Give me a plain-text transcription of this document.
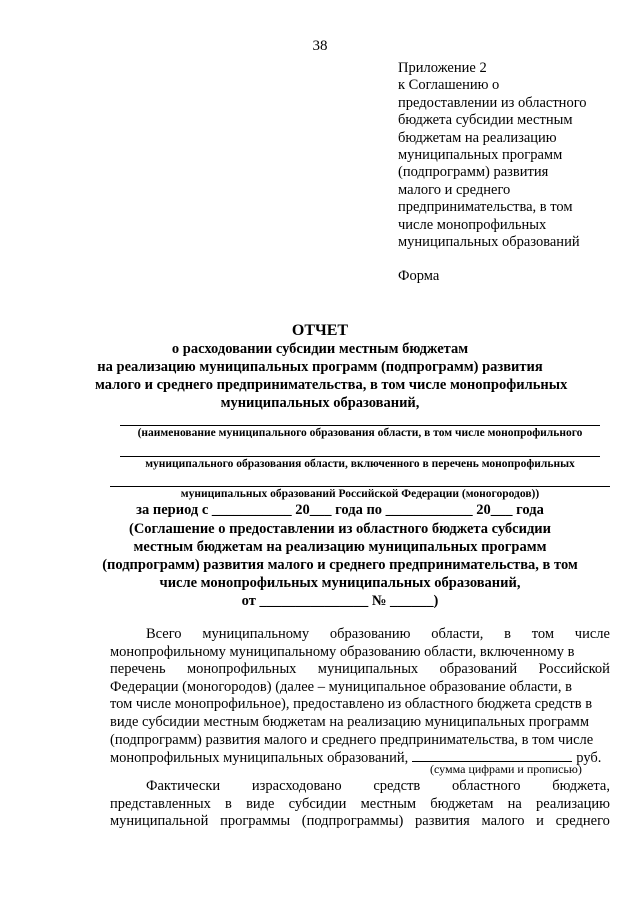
38
Приложение 2
к Соглашению о
предоставлении из областного
бюджета субсидии местным
бюджетам на реализацию
муниципальных программ
(подпрограмм) развития
малого и среднего
предпринимательства, в том
числе монопрофильных
муниципальных образований
Форма
ОТЧЕТ
о расходовании субсидии местным бюджетам
на реализацию муниципальных программ (подпрограмм) развития
малого и среднего предпринимательства, в том числе монопрофильных
муниципальных образований,
(наименование муниципального образования области, в том числе монопрофильного
муниципального образования области, включенного в перечень монопрофильных
муниципальных образований Российской Федерации (моногородов))
за период с ___________ 20___ года по ____________ 20___ года
(Соглашение о предоставлении из областного бюджета субсидии
местным бюджетам на реализацию муниципальных программ
(подпрограмм) развития малого и среднего предпринимательства, в том
числе монопрофильных муниципальных образований,
от _______________ № ______)
Всего муниципальному образованию области, в том числе
монопрофильному муниципальному образованию области, включенному в
перечень монопрофильных муниципальных образований Российской
Федерации (моногородов) (далее – муниципальное образование области, в
том числе монопрофильное), предоставлено из областного бюджета средств в
виде субсидии местным бюджетам на реализацию муниципальных программ
(подпрограмм) развития малого и среднего предпринимательства, в том числе
монопрофильных муниципальных образований,	руб.
(сумма цифрами и прописью)
Фактически израсходовано средств областного бюджета,
представленных в виде субсидии местным бюджетам на реализацию
муниципальной программы (подпрограммы) развития малого и среднего
